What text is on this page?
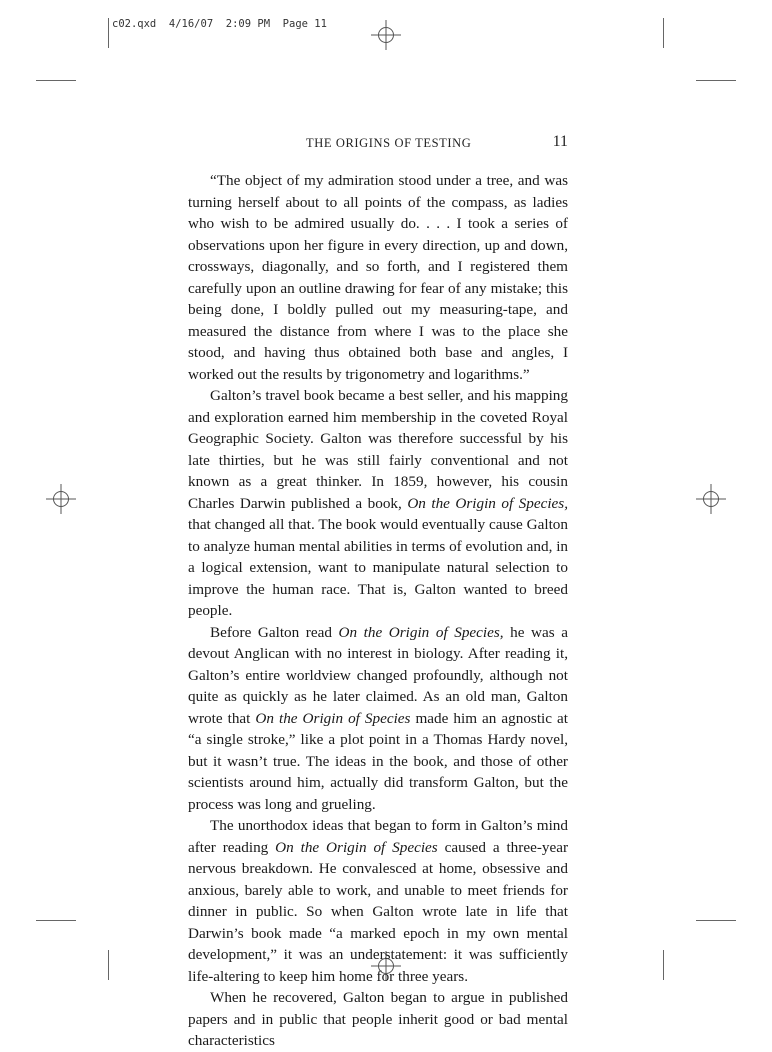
c02.qxd  4/16/07  2:09 PM  Page 11
THE ORIGINS OF TESTING	11

“The object of my admiration stood under a tree, and was turning herself about to all points of the compass, as ladies who wish to be admired usually do. . . . I took a series of observations upon her figure in every direction, up and down, crossways, diagonally, and so forth, and I registered them carefully upon an outline drawing for fear of any mistake; this being done, I boldly pulled out my measuring-tape, and measured the distance from where I was to the place she stood, and having thus obtained both base and angles, I worked out the results by trigonometry and logarithms.”

Galton’s travel book became a best seller, and his mapping and exploration earned him membership in the coveted Royal Geographic Society. Galton was therefore successful by his late thirties, but he was still fairly conventional and not known as a great thinker. In 1859, however, his cousin Charles Darwin published a book, On the Origin of Species, that changed all that. The book would eventually cause Galton to analyze human mental abilities in terms of evolution and, in a logical extension, want to manipulate natural selection to improve the human race. That is, Galton wanted to breed people.

Before Galton read On the Origin of Species, he was a devout Anglican with no interest in biology. After reading it, Galton’s entire worldview changed profoundly, although not quite as quickly as he later claimed. As an old man, Galton wrote that On the Origin of Species made him an agnostic at “a single stroke,” like a plot point in a Thomas Hardy novel, but it wasn’t true. The ideas in the book, and those of other scientists around him, actually did transform Galton, but the process was long and grueling.

The unorthodox ideas that began to form in Galton’s mind after reading On the Origin of Species caused a three-year nervous breakdown. He convalesced at home, obsessive and anxious, barely able to work, and unable to meet friends for dinner in public. So when Galton wrote late in life that Darwin’s book made “a marked epoch in my own mental development,” it was an understatement: it was sufficiently life-altering to keep him home for three years.

When he recovered, Galton began to argue in published papers and in public that people inherit good or bad mental characteristics
